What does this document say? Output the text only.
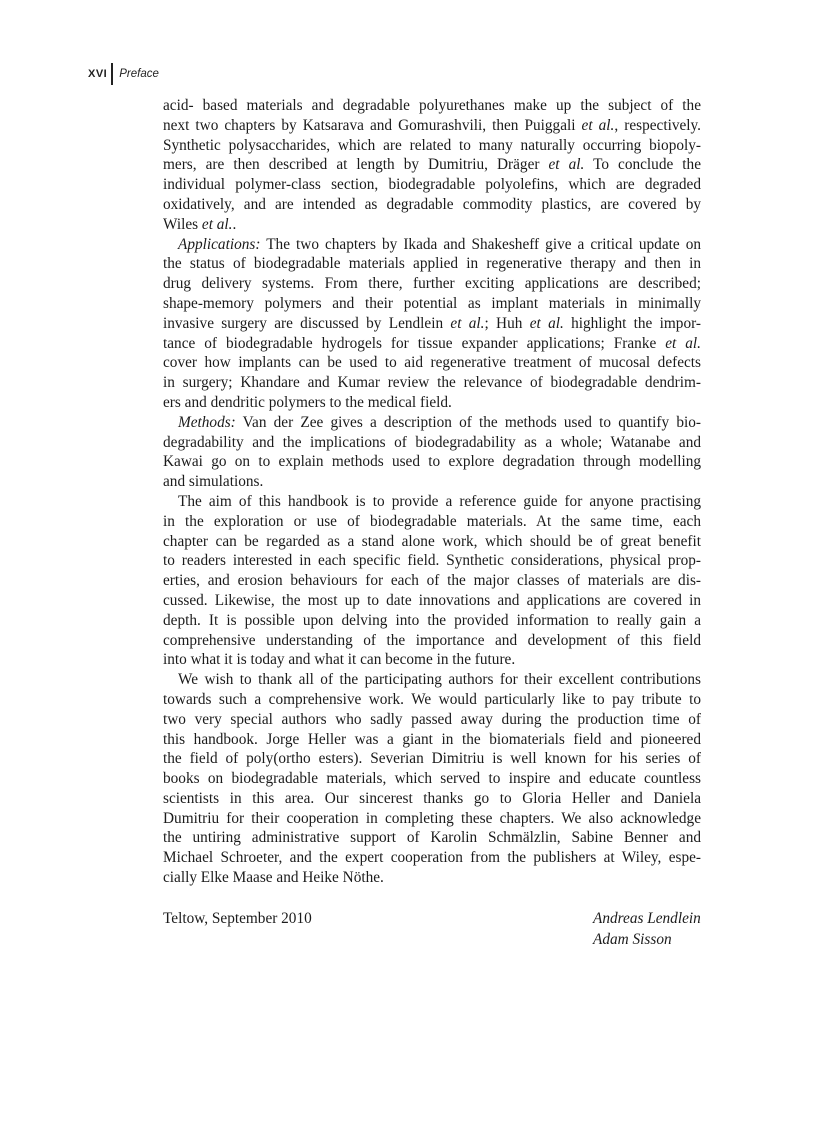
XVI Preface
acid- based materials and degradable polyurethanes make up the subject of the
next two chapters by Katsarava and Gomurashvili, then Puiggali et al., respectively.
Synthetic polysaccharides, which are related to many naturally occurring biopoly-
mers, are then described at length by Dumitriu, Dräger et al. To conclude the
individual polymer-class section, biodegradable polyolefins, which are degraded
oxidatively, and are intended as degradable commodity plastics, are covered by
Wiles et al..
Applications: The two chapters by Ikada and Shakesheff give a critical update on
the status of biodegradable materials applied in regenerative therapy and then in
drug delivery systems. From there, further exciting applications are described;
shape-memory polymers and their potential as implant materials in minimally
invasive surgery are discussed by Lendlein et al.; Huh et al. highlight the impor-
tance of biodegradable hydrogels for tissue expander applications; Franke et al.
cover how implants can be used to aid regenerative treatment of mucosal defects
in surgery; Khandare and Kumar review the relevance of biodegradable dendrim-
ers and dendritic polymers to the medical field.
Methods: Van der Zee gives a description of the methods used to quantify bio-
degradability and the implications of biodegradability as a whole; Watanabe and
Kawai go on to explain methods used to explore degradation through modelling
and simulations.
The aim of this handbook is to provide a reference guide for anyone practising
in the exploration or use of biodegradable materials. At the same time, each
chapter can be regarded as a stand alone work, which should be of great benefit
to readers interested in each specific field. Synthetic considerations, physical prop-
erties, and erosion behaviours for each of the major classes of materials are dis-
cussed. Likewise, the most up to date innovations and applications are covered in
depth. It is possible upon delving into the provided information to really gain a
comprehensive understanding of the importance and development of this field
into what it is today and what it can become in the future.
We wish to thank all of the participating authors for their excellent contributions
towards such a comprehensive work. We would particularly like to pay tribute to
two very special authors who sadly passed away during the production time of
this handbook. Jorge Heller was a giant in the biomaterials field and pioneered
the field of poly(ortho esters). Severian Dimitriu is well known for his series of
books on biodegradable materials, which served to inspire and educate countless
scientists in this area. Our sincerest thanks go to Gloria Heller and Daniela
Dumitriu for their cooperation in completing these chapters. We also acknowledge
the untiring administrative support of Karolin Schmälzlin, Sabine Benner and
Michael Schroeter, and the expert cooperation from the publishers at Wiley, espe-
cially Elke Maase and Heike Nöthe.
Teltow, September 2010	Andreas Lendlein
Adam Sisson
